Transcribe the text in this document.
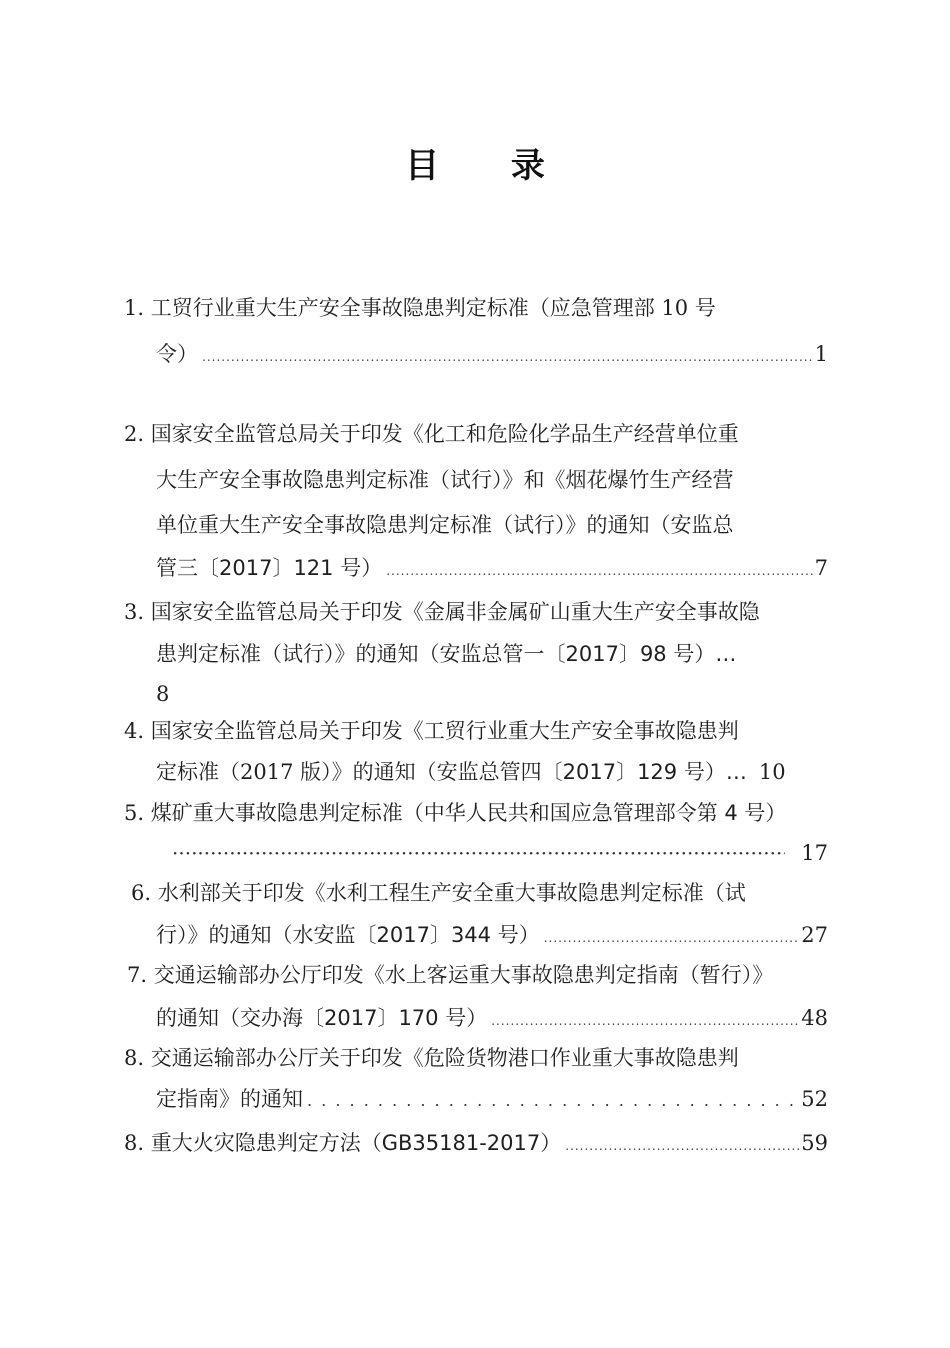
目 录
1. 工贸行业重大生产安全事故隐患判定标准（应急管理部 10 号
令） .....	1
2. 国家安全监管总局关于印发《化工和危险化学品生产经营单位重
大生产安全事故隐患判定标准（试行）》和《烟花爆竹生产经营
单位重大生产安全事故隐患判定标准（试行）》的通知 （安监总
管三〔2017〕121 号） .....	7
3. 国家安全监管总局关于印发《金属非金属矿山重大生产安全事故隐
患判定标准（试行）》的通知 （安监总管一〔2017〕98 号）…
8
4. 国家安全监管总局关于印发《工贸行业重大生产安全事故隐患判
定标准（2017 版）》的通知 （安监总管四〔2017〕129 号）… 10
5. 煤矿重大事故隐患判定标准 （中华人民共和国应急管理部令第 4 号）
·····
17
6. 水利部关于印发《水利工程生产安全重大事故隐患判定标准（试
行）》的通知 （水安监〔2017〕344 号） .....	27
7. 交通运输部办公厅印发《水上客运重大事故隐患判定指南（暂行）》
的通知 （交办海〔2017〕170 号） .....	48
8. 交通运输部办公厅关于印发《危险货物港口作业重大事故隐患判
定指南》的通知 . . .	52
8. 重大火灾隐患判定方法 （GB35181-2017） .....	59
